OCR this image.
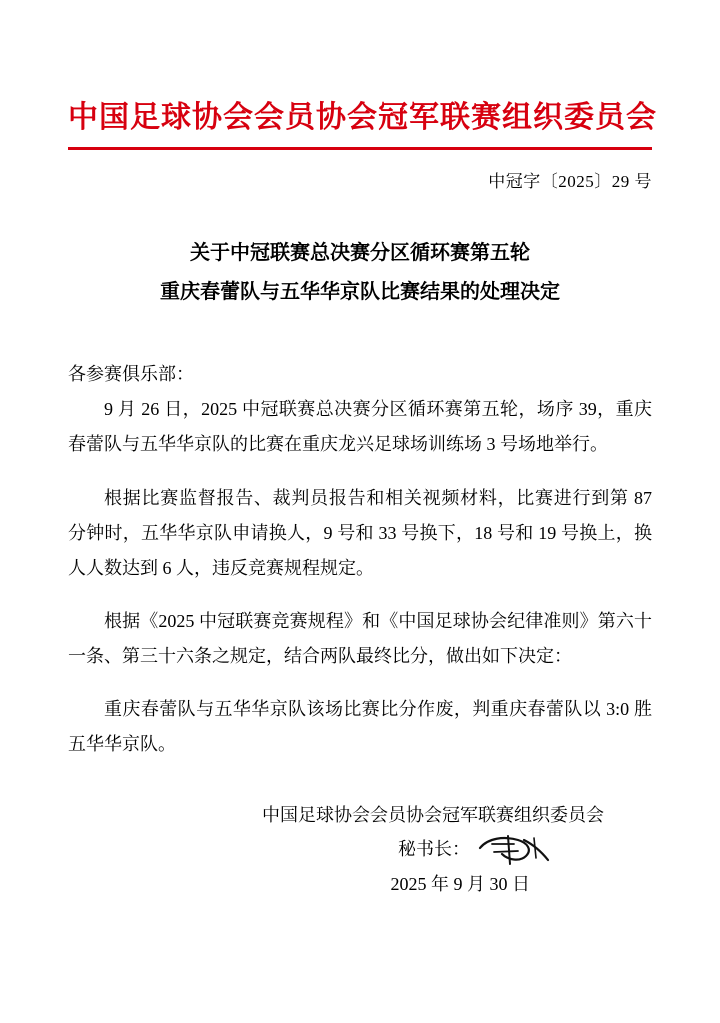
中国足球协会会员协会冠军联赛组织委员会
中冠字〔2025〕29 号
关于中冠联赛总决赛分区循环赛第五轮
重庆春蕾队与五华华京队比赛结果的处理决定
各参赛俱乐部：

9 月 26 日，2025 中冠联赛总决赛分区循环赛第五轮，场序 39，重庆春蕾队与五华华京队的比赛在重庆龙兴足球场训练场 3 号场地举行。

根据比赛监督报告、裁判员报告和相关视频材料，比赛进行到第 87 分钟时，五华华京队申请换人，9 号和 33 号换下，18 号和 19 号换上，换人人数达到 6 人，违反竞赛规程规定。

根据《2025 中冠联赛竞赛规程》和《中国足球协会纪律准则》第六十一条、第三十六条之规定，结合两队最终比分，做出如下决定：

重庆春蕾队与五华华京队该场比赛比分作废，判重庆春蕾队以 3:0 胜五华华京队。

中国足球协会会员协会冠军联赛组织委员会
秘书长：
2025 年 9 月 30 日
